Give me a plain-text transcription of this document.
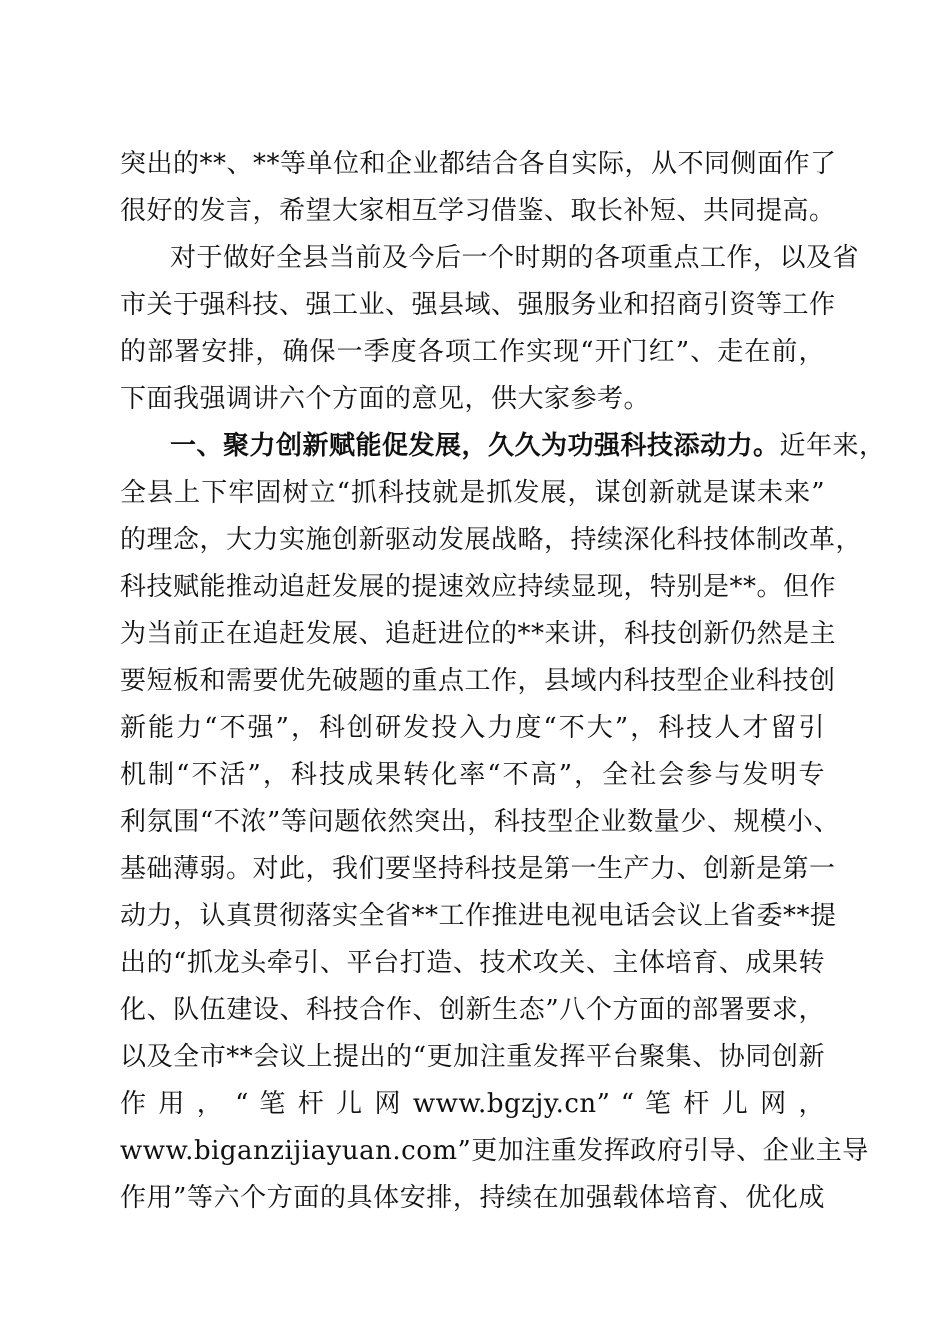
突出的**、**等单位和企业都结合各自实际，从不同侧面作了
很好的发言，希望大家相互学习借鉴、取长补短、共同提高。
对于做好全县当前及今后一个时期的各项重点工作，以及省
市关于强科技、强工业、强县域、强服务业和招商引资等工作
的部署安排，确保一季度各项工作实现“开门红”、走在前，
下面我强调讲六个方面的意见，供大家参考。
一、聚力创新赋能促发展，久久为功强科技添动力。近年来，
全县上下牢固树立“抓科技就是抓发展，谋创新就是谋未来”
的理念，大力实施创新驱动发展战略，持续深化科技体制改革，
科技赋能推动追赶发展的提速效应持续显现，特别是**。但作
为当前正在追赶发展、追赶进位的**来讲，科技创新仍然是主
要短板和需要优先破题的重点工作，县域内科技型企业科技创
新能力“不强”，科创研发投入力度“不大”，科技人才留引
机制“不活”，科技成果转化率“不高”，全社会参与发明专
利氛围“不浓”等问题依然突出，科技型企业数量少、规模小、
基础薄弱。对此，我们要坚持科技是第一生产力、创新是第一
动力，认真贯彻落实全省**工作推进电视电话会议上省委**提
出的“抓龙头牵引、平台打造、技术攻关、主体培育、成果转
化、队伍建设、科技合作、创新生态”八个方面的部署要求，
以及全市**会议上提出的“更加注重发挥平台聚集、协同创新
作 用 ， “ 笔 杆 儿 网 www.bgzjy.cn” “ 笔 杆 儿 网 ，
www.biganzijiayuan.com”更加注重发挥政府引导、企业主导
作用”等六个方面的具体安排，持续在加强载体培育、优化成
